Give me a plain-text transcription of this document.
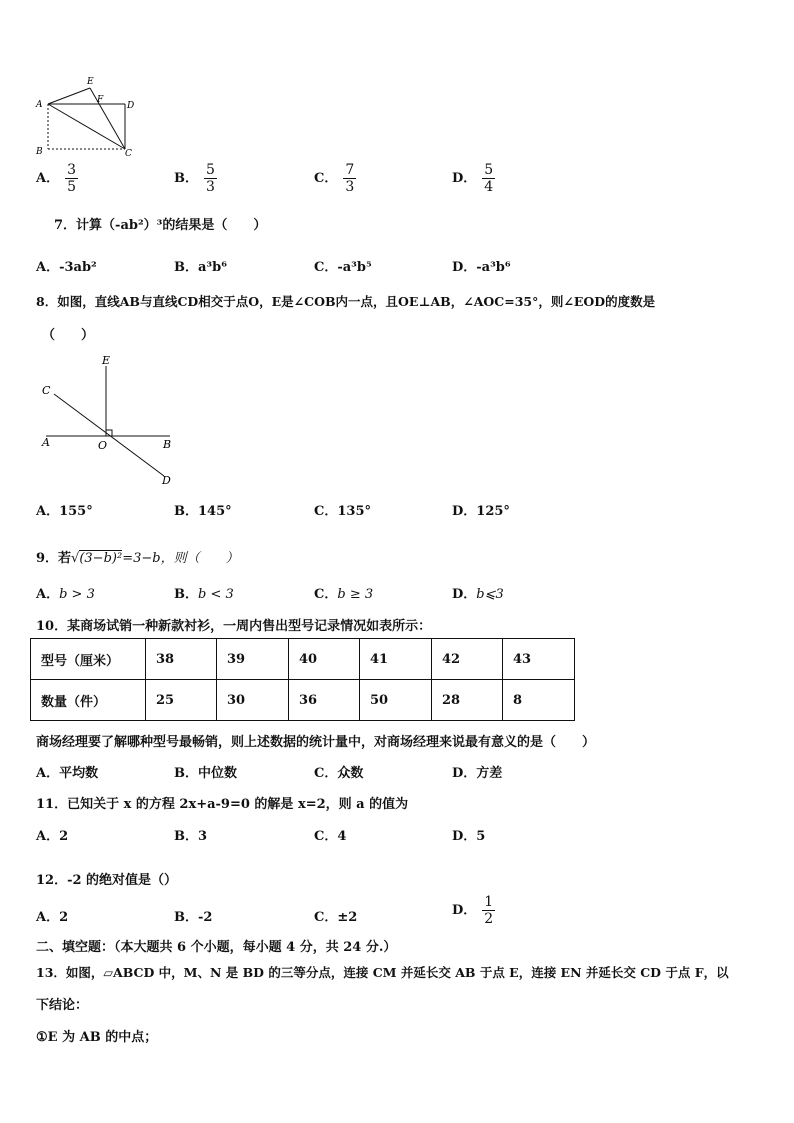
A
E
F
D
B	C
A． $\frac{3}{5}$	B． $\frac{5}{3}$	C． $\frac{7}{3}$	D． $\frac{5}{4}$
7．计算（-ab²）³的结果是（　　）
A．-3ab²	B．a³b⁶	C．-a³b⁵	D．-a³b⁶
8．如图，直线AB与直线CD相交于点O，E是∠COB内一点，且OE⊥AB，∠AOC=35°，则∠EOD的度数是
（　　）
E
C
A	O	B
D
A．155°	B．145°	C．135°	D．125°
9．若√(3−b)²=3−b，则（　　）
A．b > 3	B．b < 3	C．b ≥ 3	D．b⩽3
10．某商场试销一种新款衬衫，一周内售出型号记录情况如表所示：
型号（厘米）	38	39	40	41	42	43
数量（件）	25	30	36	50	28	8
商场经理要了解哪种型号最畅销，则上述数据的统计量中，对商场经理来说最有意义的是（　　）
A．平均数	B．中位数	C．众数	D．方差
11．已知关于 x 的方程 2x+a-9=0 的解是 x=2，则 a 的值为
A．2	B．3	C．4	D．5
12．-2 的绝对值是（）
A．2	B．-2	C．±2	D． $\frac{1}{2}$
二、填空题：（本大题共 6 个小题，每小题 4 分，共 24 分.）
13．如图，▱ABCD 中，M、N 是 BD 的三等分点，连接 CM 并延长交 AB 于点 E，连接 EN 并延长交 CD 于点 F，以
下结论：
①E 为 AB 的中点；
